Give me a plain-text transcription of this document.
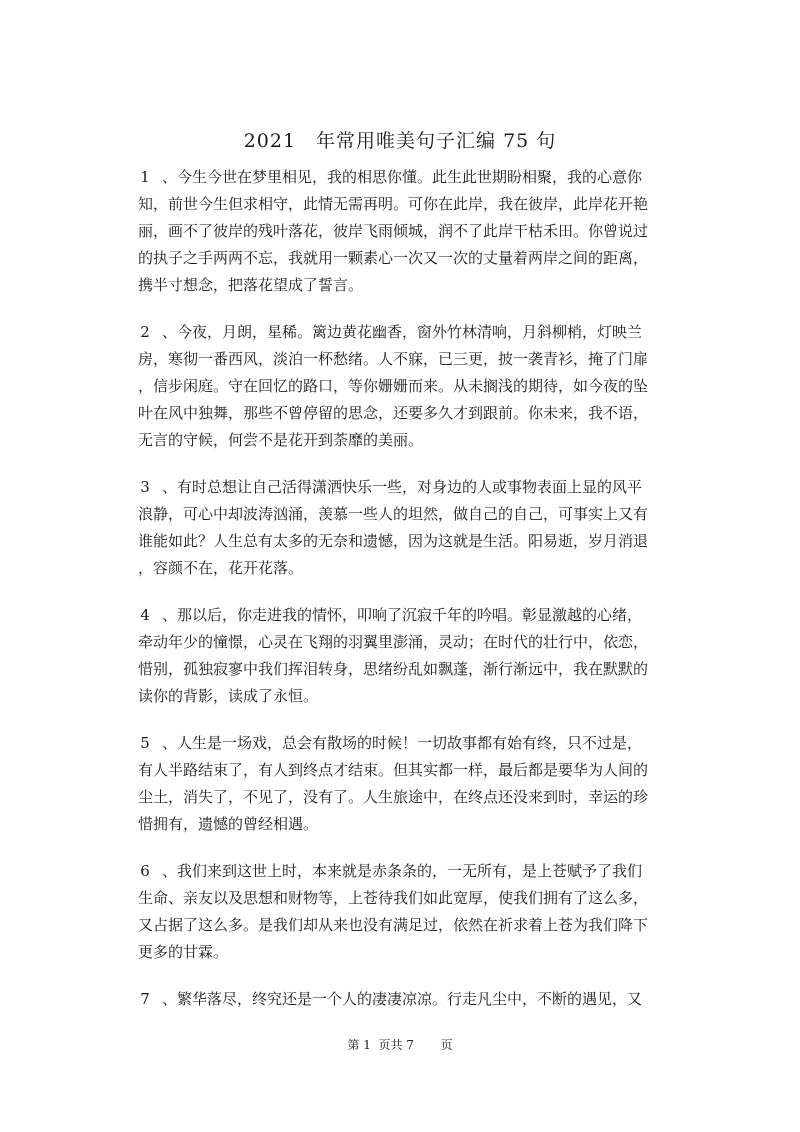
2021　年常用唯美句子汇编 75 句

1 、今生今世在梦里相见，我的相思你懂。此生此世期盼相聚，我的心意你

知，前世今生但求相守，此情无需再明。可你在此岸，我在彼岸，此岸花开艳

丽，画不了彼岸的残叶落花，彼岸飞雨倾城，润不了此岸干枯禾田。你曾说过

的执子之手两两不忘，我就用一颗素心一次又一次的丈量着两岸之间的距离，

携半寸想念，把落花望成了誓言。

2 、今夜，月朗，星稀。篱边黄花幽香，窗外竹林清响，月斜柳梢，灯映兰

房，寒彻一番西风，淡泊一杯愁绪。人不寐，已三更，披一袭青衫，掩了门扉

，信步闲庭。守在回忆的路口，等你姗姗而来。从未搁浅的期待，如今夜的坠

叶在风中独舞，那些不曾停留的思念，还要多久才到跟前。你未来，我不语，

无言的守候，何尝不是花开到荼靡的美丽。

3 、有时总想让自己活得潇洒快乐一些，对身边的人或事物表面上显的风平

浪静，可心中却波涛汹涌，羡慕一些人的坦然，做自己的自己，可事实上又有

谁能如此？人生总有太多的无奈和遗憾，因为这就是生活。阳易逝，岁月消退

，容颜不在，花开花落。

4 、那以后，你走进我的情怀，叩响了沉寂千年的吟唱。彰显激越的心绪，

牵动年少的憧憬，心灵在飞翔的羽翼里澎涌，灵动；在时代的壮行中，依恋，

惜别，孤独寂寥中我们挥泪转身，思绪纷乱如飘蓬，渐行渐远中，我在默默的

读你的背影，读成了永恒。

5 、人生是一场戏，总会有散场的时候！一切故事都有始有终，只不过是，

有人半路结束了，有人到终点才结束。但其实都一样，最后都是要华为人间的

尘土，消失了，不见了，没有了。人生旅途中，在终点还没来到时，幸运的珍

惜拥有，遗憾的曾经相遇。

6 、我们来到这世上时，本来就是赤条条的，一无所有，是上苍赋予了我们

生命、亲友以及思想和财物等，上苍待我们如此宽厚，使我们拥有了这么多，

又占据了这么多。是我们却从来也没有满足过，依然在祈求着上苍为我们降下

更多的甘霖。

7 、繁华落尽，终究还是一个人的凄凄凉凉。行走凡尘中，不断的遇见，又

第 1  页共 7       页
